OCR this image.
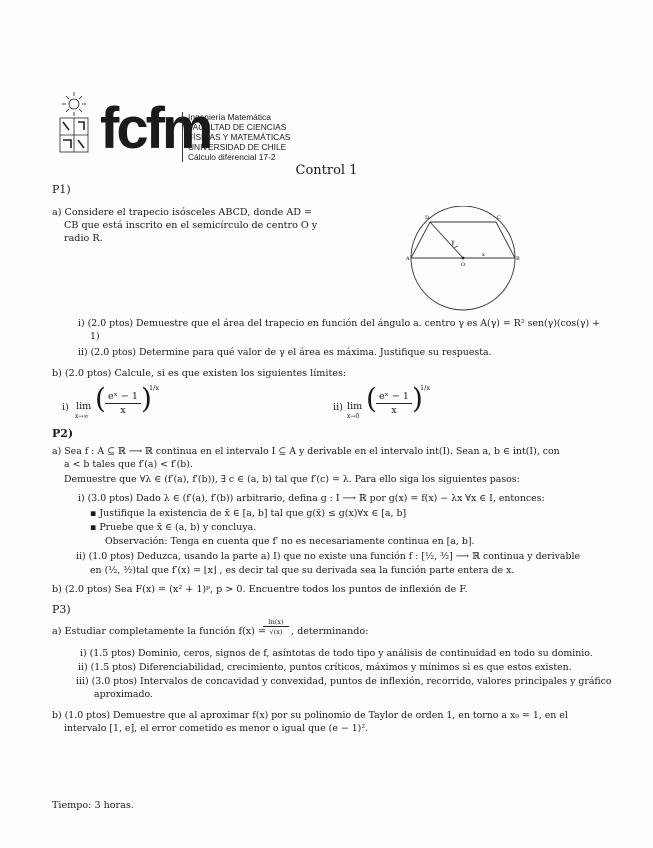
fcfm
Ingeniería Matemática
FACULTAD DE CIENCIAS
FÍSICAS Y MATEMÁTICAS
UNIVERSIDAD DE CHILE
Cálculo diferencial 17-2
Control 1
P1)
a) Considere el trapecio isósceles ABCD, donde AD =
CB que está inscrito en el semicírculo de centro O y
radio R.	γ
A	B
C
D
O
x
i) (2.0 ptos) Demuestre que el área del trapecio en función del ángulo a. centro γ es A(γ) = R² sen(γ)(cos(γ) +
1)
ii) (2.0 ptos) Determine para qué valor de γ el área es máxima. Justifique su respuesta.
b) (2.0 ptos) Calcule, si es que existen los siguientes límites:
i) lim
x→∞
( eˣ − 1
x )
1/x
ii) lim
x→0
( eˣ − 1
x )
1/x
P2)
a) Sea f : A ⊆ ℝ ⟶ ℝ continua en el intervalo I ⊆ A y derivable en el intervalo int(I). Sean a, b ∈ int(I), con
a < b tales que f′(a) < f′(b).
Demuestre que ∀λ ∈ (f′(a), f′(b)), ∃ c ∈ (a, b) tal que f′(c) = λ. Para ello siga los siguientes pasos:
i) (3.0 ptos) Dado λ ∈ (f′(a), f′(b)) arbitrario, defina g : I ⟶ ℝ por g(x) = f(x) − λx ∀x ∈ I, entonces:
▪ Justifique la existencia de x̄ ∈ [a, b] tal que g(x̄) ≤ g(x)∀x ∈ [a, b]
▪ Pruebe que x̄ ∈ (a, b) y concluya.
Observación: Tenga en cuenta que f′ no es necesariamente continua en [a, b].
ii) (1.0 ptos) Deduzca, usando la parte a) I) que no existe una función f : [½, ³⁄₂] ⟶ ℝ continua y derivable
en (½, ³⁄₂)tal que f′(x) = ⌊x⌋ , es decir tal que su derivada sea la función parte entera de x.
b) (2.0 ptos) Sea F(x) = (x² + 1)ᵖ, p > 0. Encuentre todos los puntos de inflexión de F.
P3)
a) Estudiar completamente la función f(x) =
ln(x)
√(x) , determinando:
i) (1.5 ptos) Dominio, ceros, signos de f, asíntotas de todo tipo y análisis de continuidad en todo su dominio.
ii) (1.5 ptos) Diferenciabilidad, crecimiento, puntos críticos, máximos y mínimos si es que estos existen.
iii) (3.0 ptos) Intervalos de concavidad y convexidad, puntos de inflexión, recorrido, valores principales y gráfico
aproximado.
b) (1.0 ptos) Demuestre que al aproximar f(x) por su polinomio de Taylor de orden 1, en torno a x₀ = 1, en el
intervalo [1, e], el error cometido es menor o igual que (e − 1)².
Tiempo: 3 horas.
